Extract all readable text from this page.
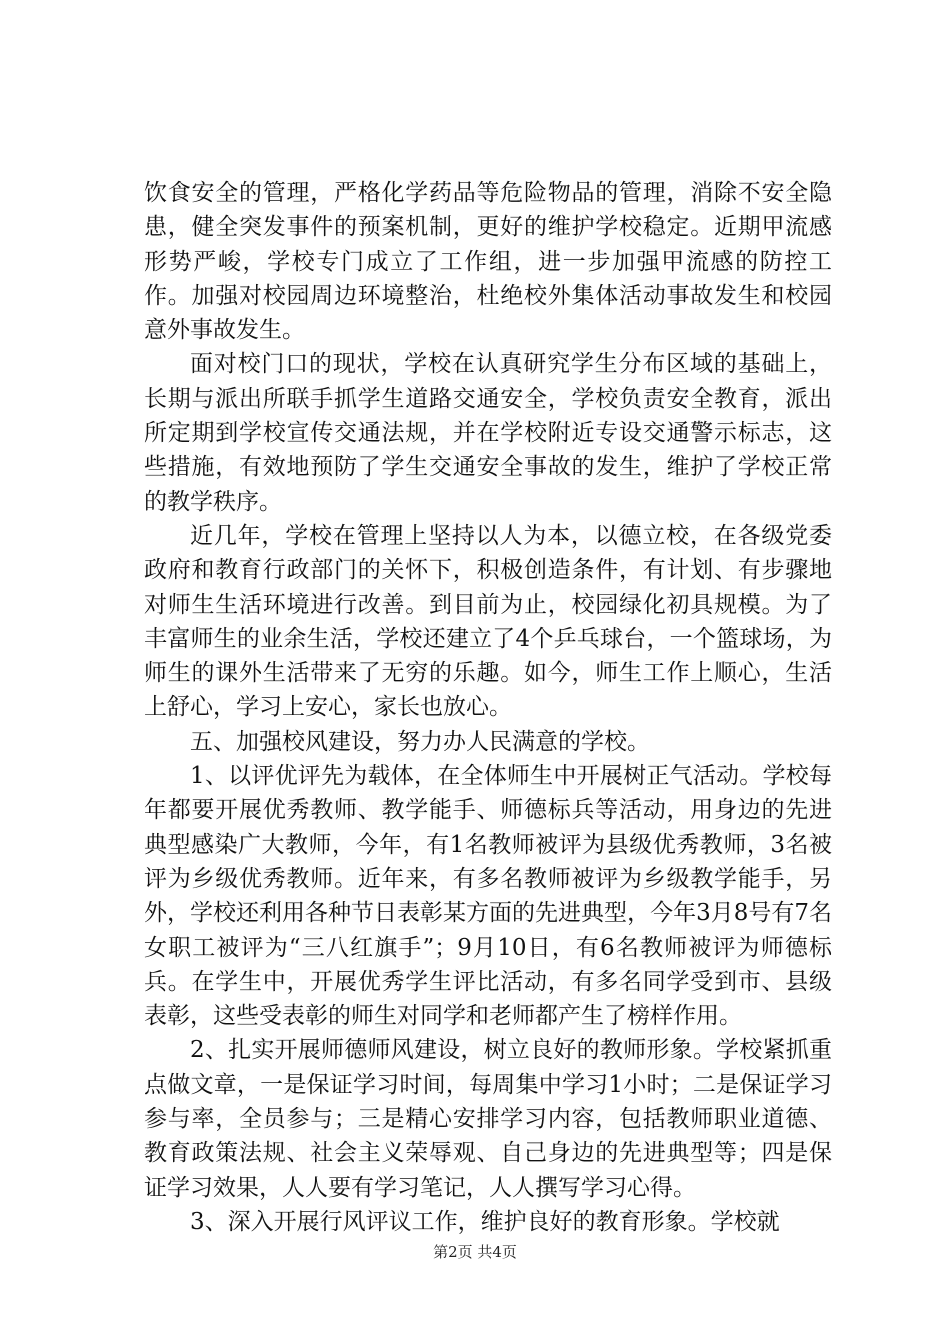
饮食安全的管理，严格化学药品等危险物品的管理，消除不安全隐患，健全突发事件的预案机制，更好的维护学校稳定。近期甲流感形势严峻，学校专门成立了工作组，进一步加强甲流感的防控工作。加强对校园周边环境整治，杜绝校外集体活动事故发生和校园意外事故发生。

面对校门口的现状，学校在认真研究学生分布区域的基础上，长期与派出所联手抓学生道路交通安全，学校负责安全教育，派出所定期到学校宣传交通法规，并在学校附近专设交通警示标志，这些措施，有效地预防了学生交通安全事故的发生，维护了学校正常的教学秩序。

近几年，学校在管理上坚持以人为本，以德立校，在各级党委政府和教育行政部门的关怀下，积极创造条件，有计划、有步骤地对师生生活环境进行改善。到目前为止，校园绿化初具规模。为了丰富师生的业余生活，学校还建立了4个乒乓球台，一个篮球场，为师生的课外生活带来了无穷的乐趣。如今，师生工作上顺心，生活上舒心，学习上安心，家长也放心。

五、加强校风建设，努力办人民满意的学校。

1、以评优评先为载体，在全体师生中开展树正气活动。学校每年都要开展优秀教师、教学能手、师德标兵等活动，用身边的先进典型感染广大教师，今年，有1名教师被评为县级优秀教师，3名被评为乡级优秀教师。近年来，有多名教师被评为乡级教学能手，另外，学校还利用各种节日表彰某方面的先进典型，今年3月8号有7名女职工被评为“三八红旗手”；9月10日，有6名教师被评为师德标兵。在学生中，开展优秀学生评比活动，有多名同学受到市、县级表彰，这些受表彰的师生对同学和老师都产生了榜样作用。

2、扎实开展师德师风建设，树立良好的教师形象。学校紧抓重点做文章，一是保证学习时间，每周集中学习1小时；二是保证学习参与率，全员参与；三是精心安排学习内容，包括教师职业道德、教育政策法规、社会主义荣辱观、自己身边的先进典型等；四是保证学习效果，人人要有学习笔记，人人撰写学习心得。

3、深入开展行风评议工作，维护良好的教育形象。学校就

第2页 共4页
